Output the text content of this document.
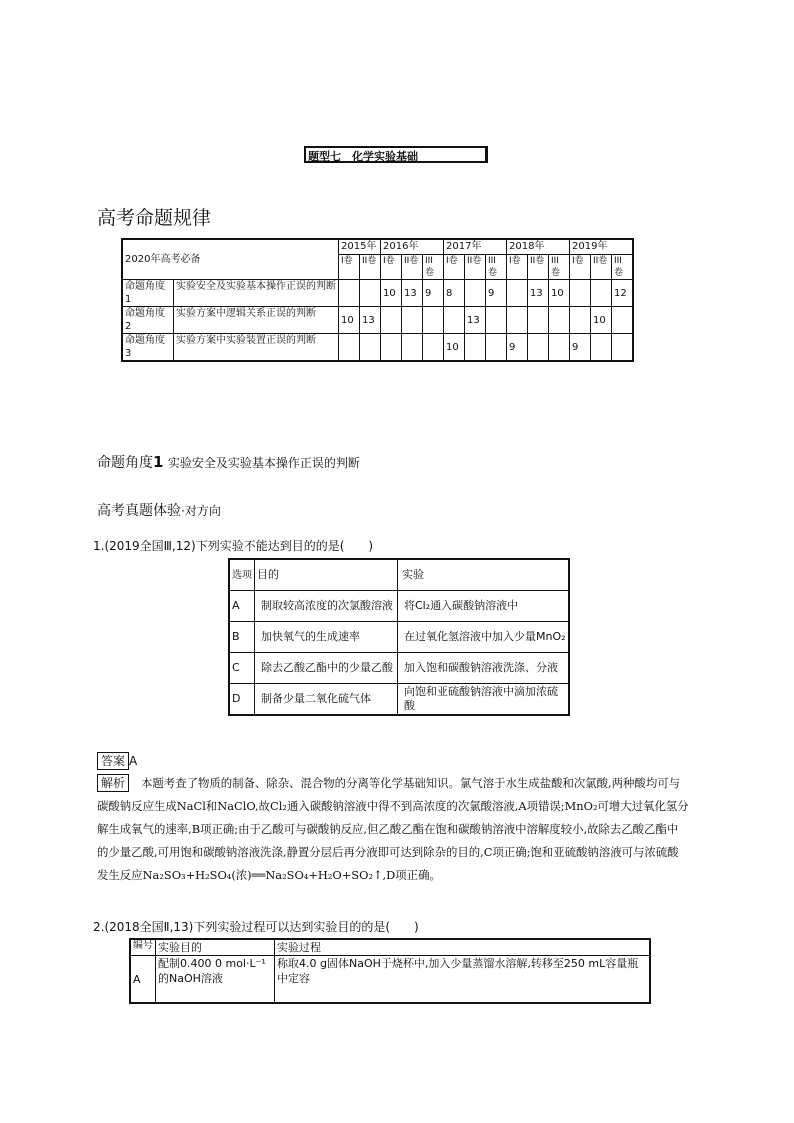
题型七　化学实验基础
高考命题规律
2020年高考必备		2015年		2016年			2017年			2018年			2019年		
		I卷	II卷	I卷	II卷	III卷	I卷	II卷	III卷	I卷	II卷	III卷	I卷	II卷	III卷
命题角度1	实验安全及实验基本操作正误的判断			10	13	9	8		9		13	10			12
命题角度2	实验方案中逻辑关系正误的判断	10	13					13						10	
命题角度3	实验方案中实验装置正误的判断						10			9			9		
命题角度1 实验安全及实验基本操作正误的判断
高考真题体验·对方向
1.(2019全国Ⅲ,12)下列实验不能达到目的的是(　　)
选项	目的	实验
A	制取较高浓度的次氯酸溶液	将Cl₂通入碳酸钠溶液中
B	加快氧气的生成速率	在过氧化氢溶液中加入少量MnO₂
C	除去乙酸乙酯中的少量乙酸	加入饱和碳酸钠溶液洗涤、分液
D	制备少量二氧化硫气体	向饱和亚硫酸钠溶液中滴加浓硫酸
答案 A
解析 本题考查了物质的制备、除杂、混合物的分离等化学基础知识。氯气溶于水生成盐酸和次氯酸,两种酸均可与碳酸钠反应生成NaCl和NaClO,故Cl₂通入碳酸钠溶液中得不到高浓度的次氯酸溶液,A项错误;MnO₂可增大过氧化氢分解生成氧气的速率,B项正确;由于乙酸可与碳酸钠反应,但乙酸乙酯在饱和碳酸钠溶液中溶解度较小,故除去乙酸乙酯中的少量乙酸,可用饱和碳酸钠溶液洗涤,静置分层后再分液即可达到除杂的目的,C项正确;饱和亚硫酸钠溶液可与浓硫酸发生反应Na₂SO₃+H₂SO₄(浓)══Na₂SO₄+H₂O+SO₂↑,D项正确。
2.(2018全国Ⅱ,13)下列实验过程可以达到实验目的的是(　　)
编号	实验目的	实验过程
A	配制0.400 0 mol·L⁻¹的NaOH溶液	称取4.0 g固体NaOH于烧杯中,加入少量蒸馏水溶解,转移至250 mL容量瓶中定容
